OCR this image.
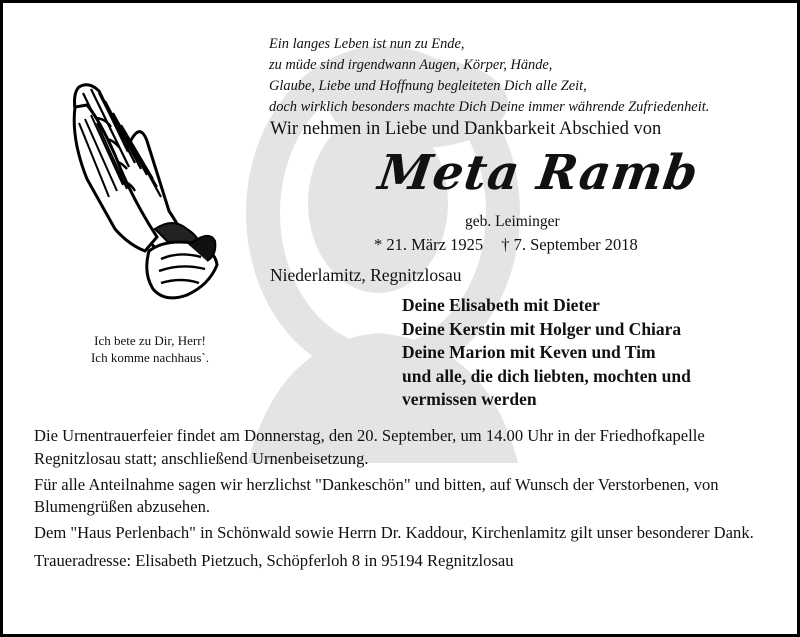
Ein langes Leben ist nun zu Ende,
zu müde sind irgendwann Augen, Körper, Hände,
Glaube, Liebe und Hoffnung begleiteten Dich alle Zeit,
doch wirklich besonders machte Dich Deine immer währende Zufriedenheit.
Wir nehmen in Liebe und Dankbarkeit Abschied von
Meta Ramb
geb. Leiminger
* 21. März 1925 † 7. September 2018
Niederlamitz, Regnitzlosau
Deine Elisabeth mit Dieter
Deine Kerstin mit Holger und Chiara
Deine Marion mit Keven und Tim
und alle, die dich liebten, mochten und
vermissen werden
Ich bete zu Dir, Herr!
Ich komme nachhaus`.

Die Urnentrauerfeier findet am Donnerstag, den 20. September, um 14.00 Uhr in der Friedhofkapelle Regnitzlosau statt; anschließend Urnenbeisetzung.

Für alle Anteilnahme sagen wir herzlichst "Dankeschön" und bitten, auf Wunsch der Verstorbenen, von Blumengrüßen abzusehen.

Dem "Haus Perlenbach" in Schönwald sowie Herrn Dr. Kaddour, Kirchenlamitz gilt unser besonderer Dank.

Traueradresse: Elisabeth Pietzuch, Schöpferloh 8 in 95194 Regnitzlosau
